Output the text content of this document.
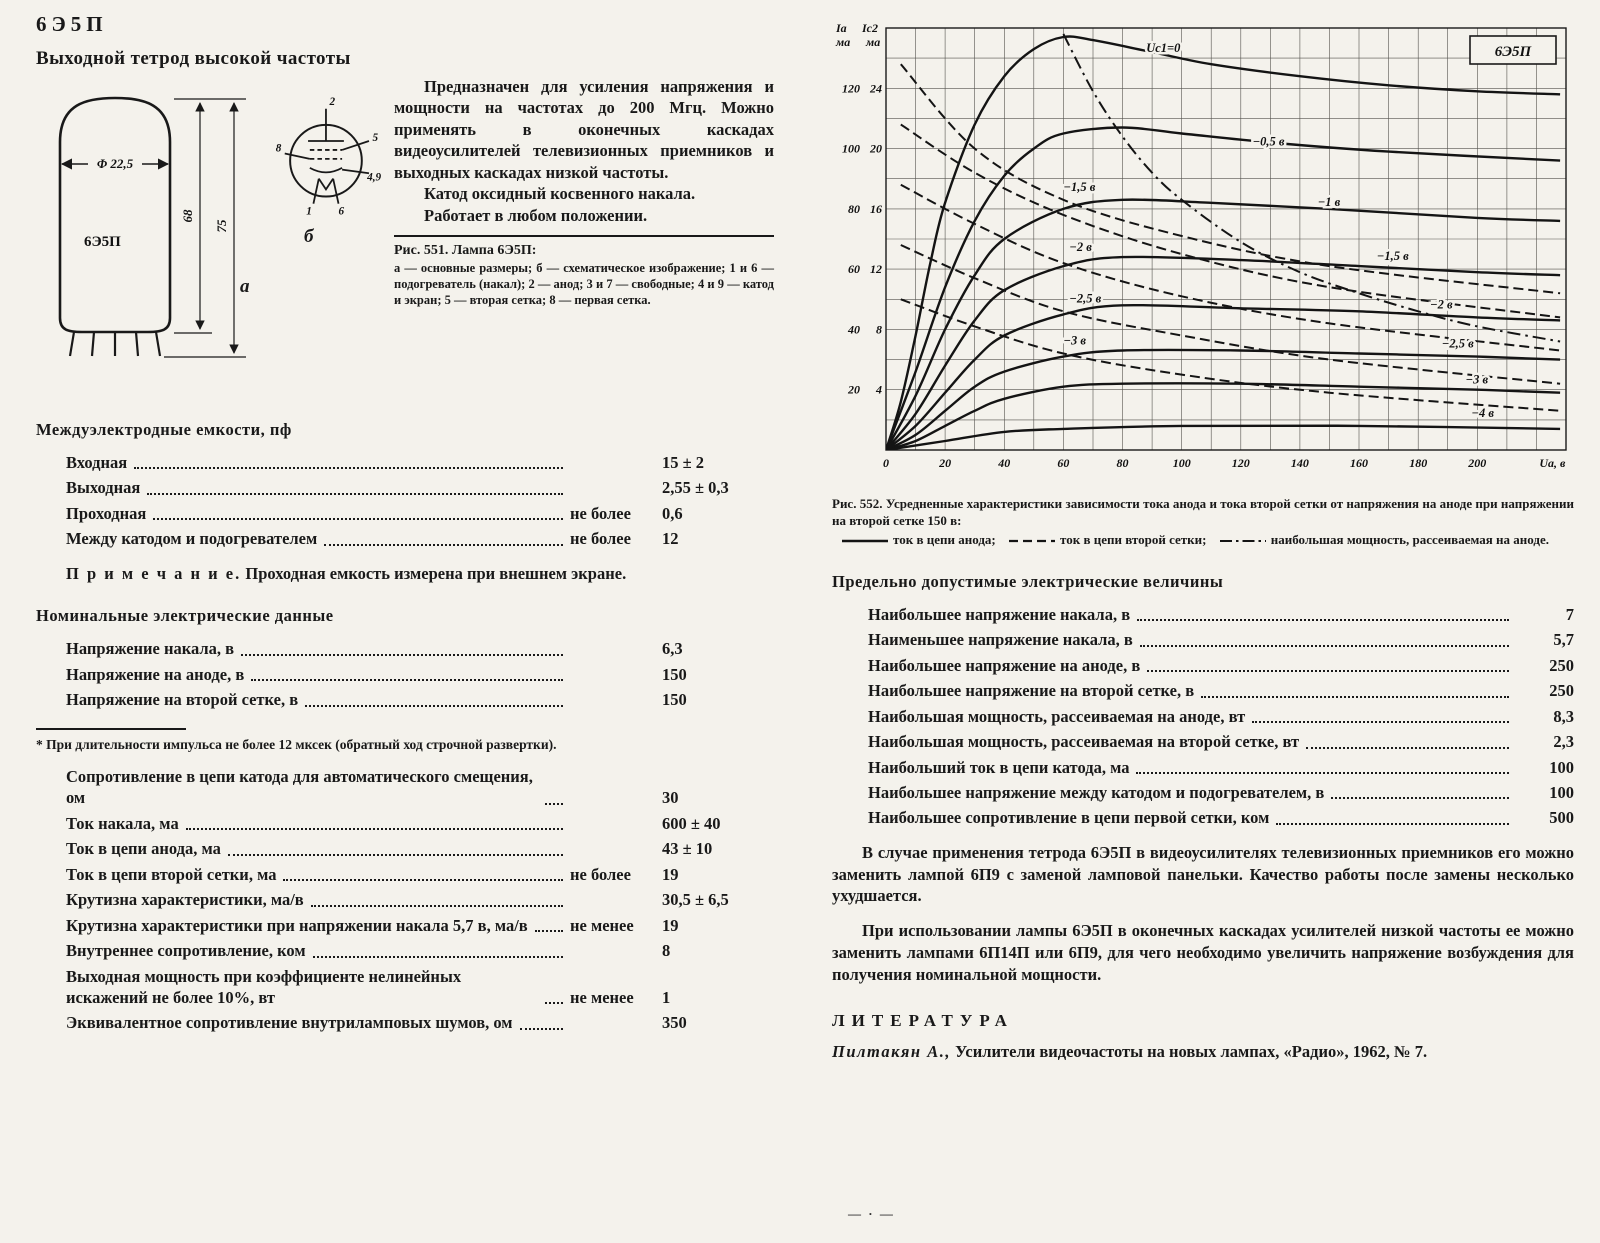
6Э5П
Выходной тетрод высокой частоты
Φ 22,5
6Э5П
68
75
2
5
4,9
8
1 6
а
б

Предназначен для усиления напряжения и мощности на частотах до 200 Мгц. Можно применять в оконечных каскадах видеоусилителей телевизионных приемников и выходных каскадах низкой частоты.

Катод оксидный косвенного накала.

Работает в любом положении.

Рис. 551. Лампа 6Э5П:
а — основные размеры; б — схематическое изображение; 1 и 6 — подогреватель (накал); 2 — анод; 3 и 7 — свободные; 4 и 9 — катод и экран; 5 — вторая сетка; 8 — первая сетка.
Междуэлектродные емкости, пф
Входная	15 ± 2
Выходная	2,55 ± 0,3
Проходная	не более	0,6
Между катодом и подогревателем	не более	12

П р и м е ч а н и е. Проходная емкость измерена при внешнем экране.

Номинальные электрические данные
Напряжение накала, в	6,3
Напряжение на аноде, в	150
Напряжение на второй сетке, в	150

* При длительности импульса не более 12 мксек (обратный ход строчной развертки).

Сопротивление в цепи катода для автоматического смещения, ом	30
Ток накала, ма	600 ± 40
Ток в цепи анода, ма	43 ± 10
Ток в цепи второй сетки, ма	не более	19
Крутизна характеристики, ма/в	30,5 ± 6,5
Крутизна характеристики при напряжении накала 5,7 в, ма/в	не менее	19
Внутреннее сопротивление, ком	8
Выходная мощность при коэффициенте нелинейных искажений не более 10%, вт	не менее	1
Эквивалентное сопротивление внутриламповых шумов, ом	350
0	20	40	60	80	100	120	140	160	180	200	Uа, в
20
40
60
80
100
120
4
8
12
16
20
24
Iа Iс2
ма ма	Uс1=0
−0,5 в
−1 в
−1,5 в
−2 в
−2,5 в
−3 в
−4 в
−1,5 в
−2 в
−2,5 в
−3 в
6Э5П
Рис. 552. Усредненные характеристики зависимости тока анода и тока второй сетки от напряжения на аноде при напряжении на второй сетке 150 в:
ток в цепи анода;	ток в цепи второй сетки;	наибольшая мощность, рассеиваемая на аноде.
Предельно допустимые электрические величины
Наибольшее напряжение накала, в	7
Наименьшее напряжение накала, в	5,7
Наибольшее напряжение на аноде, в	250
Наибольшее напряжение на второй сетке, в	250
Наибольшая мощность, рассеиваемая на аноде, вт	8,3
Наибольшая мощность, рассеиваемая на второй сетке, вт	2,3
Наибольший ток в цепи катода, ма	100
Наибольшее напряжение между катодом и подогревателем, в	100
Наибольшее сопротивление в цепи первой сетки, ком	500

В случае применения тетрода 6Э5П в видеоусилителях телевизионных приемников его можно заменить лампой 6П9 с заменой ламповой панельки. Качество работы после замены несколько ухудшается.

При использовании лампы 6Э5П в оконечных каскадах усилителей низкой частоты ее можно заменить лампами 6П14П или 6П9, для чего необходимо увеличить напряжение возбуждения для получения номинальной мощности.

ЛИТЕРАТУРА

Пилтакян А., Усилители видеочастоты на новых лампах, «Радио», 1962, № 7.

— · —
